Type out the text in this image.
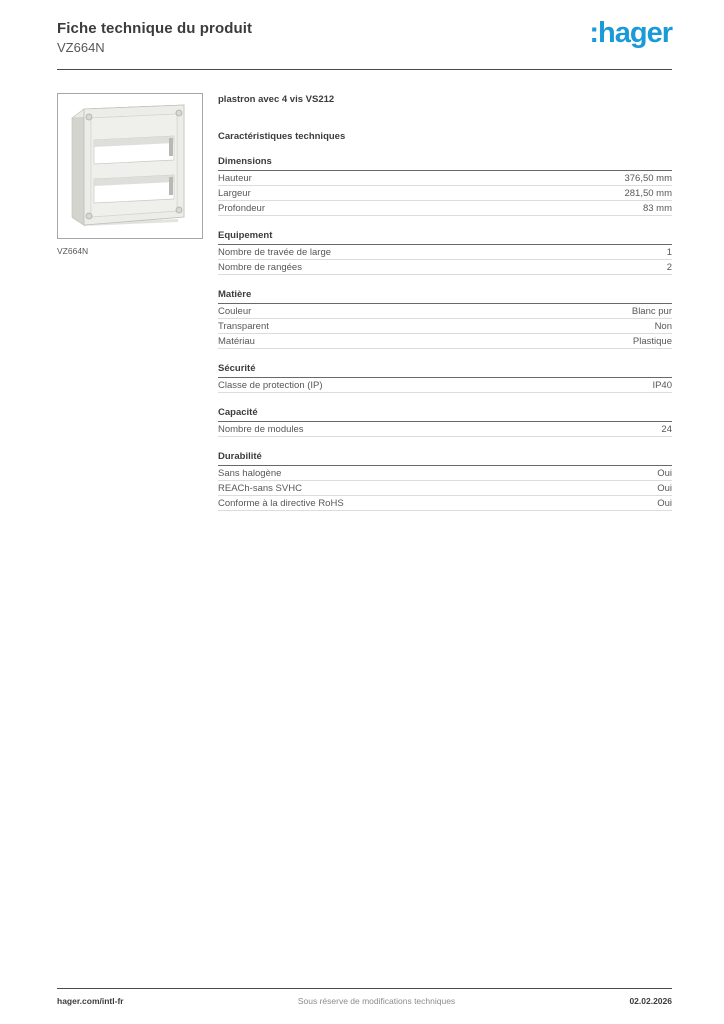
Fiche technique du produit
VZ664N	:hager
VZ664N
plastron avec 4 vis VS212
Caractéristiques techniques
Dimensions
Hauteur	376,50 mm
Largeur	281,50 mm
Profondeur	83 mm
Equipement
Nombre de travée de large	1
Nombre de rangées	2
Matière
Couleur	Blanc pur
Transparent	Non
Matériau	Plastique
Sécurité
Classe de protection (IP)	IP40
Capacité
Nombre de modules	24
Durabilité
Sans halogène	Oui
REACh-sans SVHC	Oui
Conforme à la directive RoHS	Oui
hager.com/intl-fr	Sous réserve de modifications techniques	02.02.2026
